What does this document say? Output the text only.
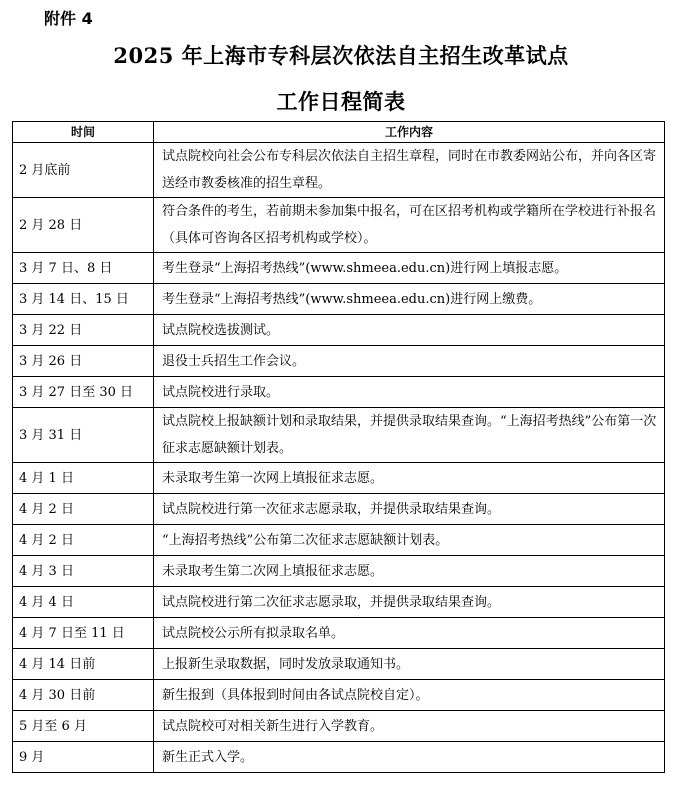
附件 4
2025 年上海市专科层次依法自主招生改革试点
工作日程简表
时间	工作内容
2 月底前	试点院校向社会公布专科层次依法自主招生章程，同时在市教委网站公布，并向各区寄送经市教委核准的招生章程。
2 月 28 日	符合条件的考生，若前期未参加集中报名，可在区招考机构或学籍所在学校进行补报名（具体可咨询各区招考机构或学校）。
3 月 7 日、8 日	考生登录“上海招考热线”(www.shmeea.edu.cn)进行网上填报志愿。
3 月 14 日、15 日	考生登录“上海招考热线”(www.shmeea.edu.cn)进行网上缴费。
3 月 22 日	试点院校选拔测试。
3 月 26 日	退役士兵招生工作会议。
3 月 27 日至 30 日	试点院校进行录取。
3 月 31 日	试点院校上报缺额计划和录取结果，并提供录取结果查询。“上海招考热线”公布第一次征求志愿缺额计划表。
4 月 1 日	未录取考生第一次网上填报征求志愿。
4 月 2 日	试点院校进行第一次征求志愿录取，并提供录取结果查询。
4 月 2 日	“上海招考热线”公布第二次征求志愿缺额计划表。
4 月 3 日	未录取考生第二次网上填报征求志愿。
4 月 4 日	试点院校进行第二次征求志愿录取，并提供录取结果查询。
4 月 7 日至 11 日	试点院校公示所有拟录取名单。
4 月 14 日前	上报新生录取数据，同时发放录取通知书。
4 月 30 日前	新生报到（具体报到时间由各试点院校自定）。
5 月至 6 月	试点院校可对相关新生进行入学教育。
9 月	新生正式入学。
